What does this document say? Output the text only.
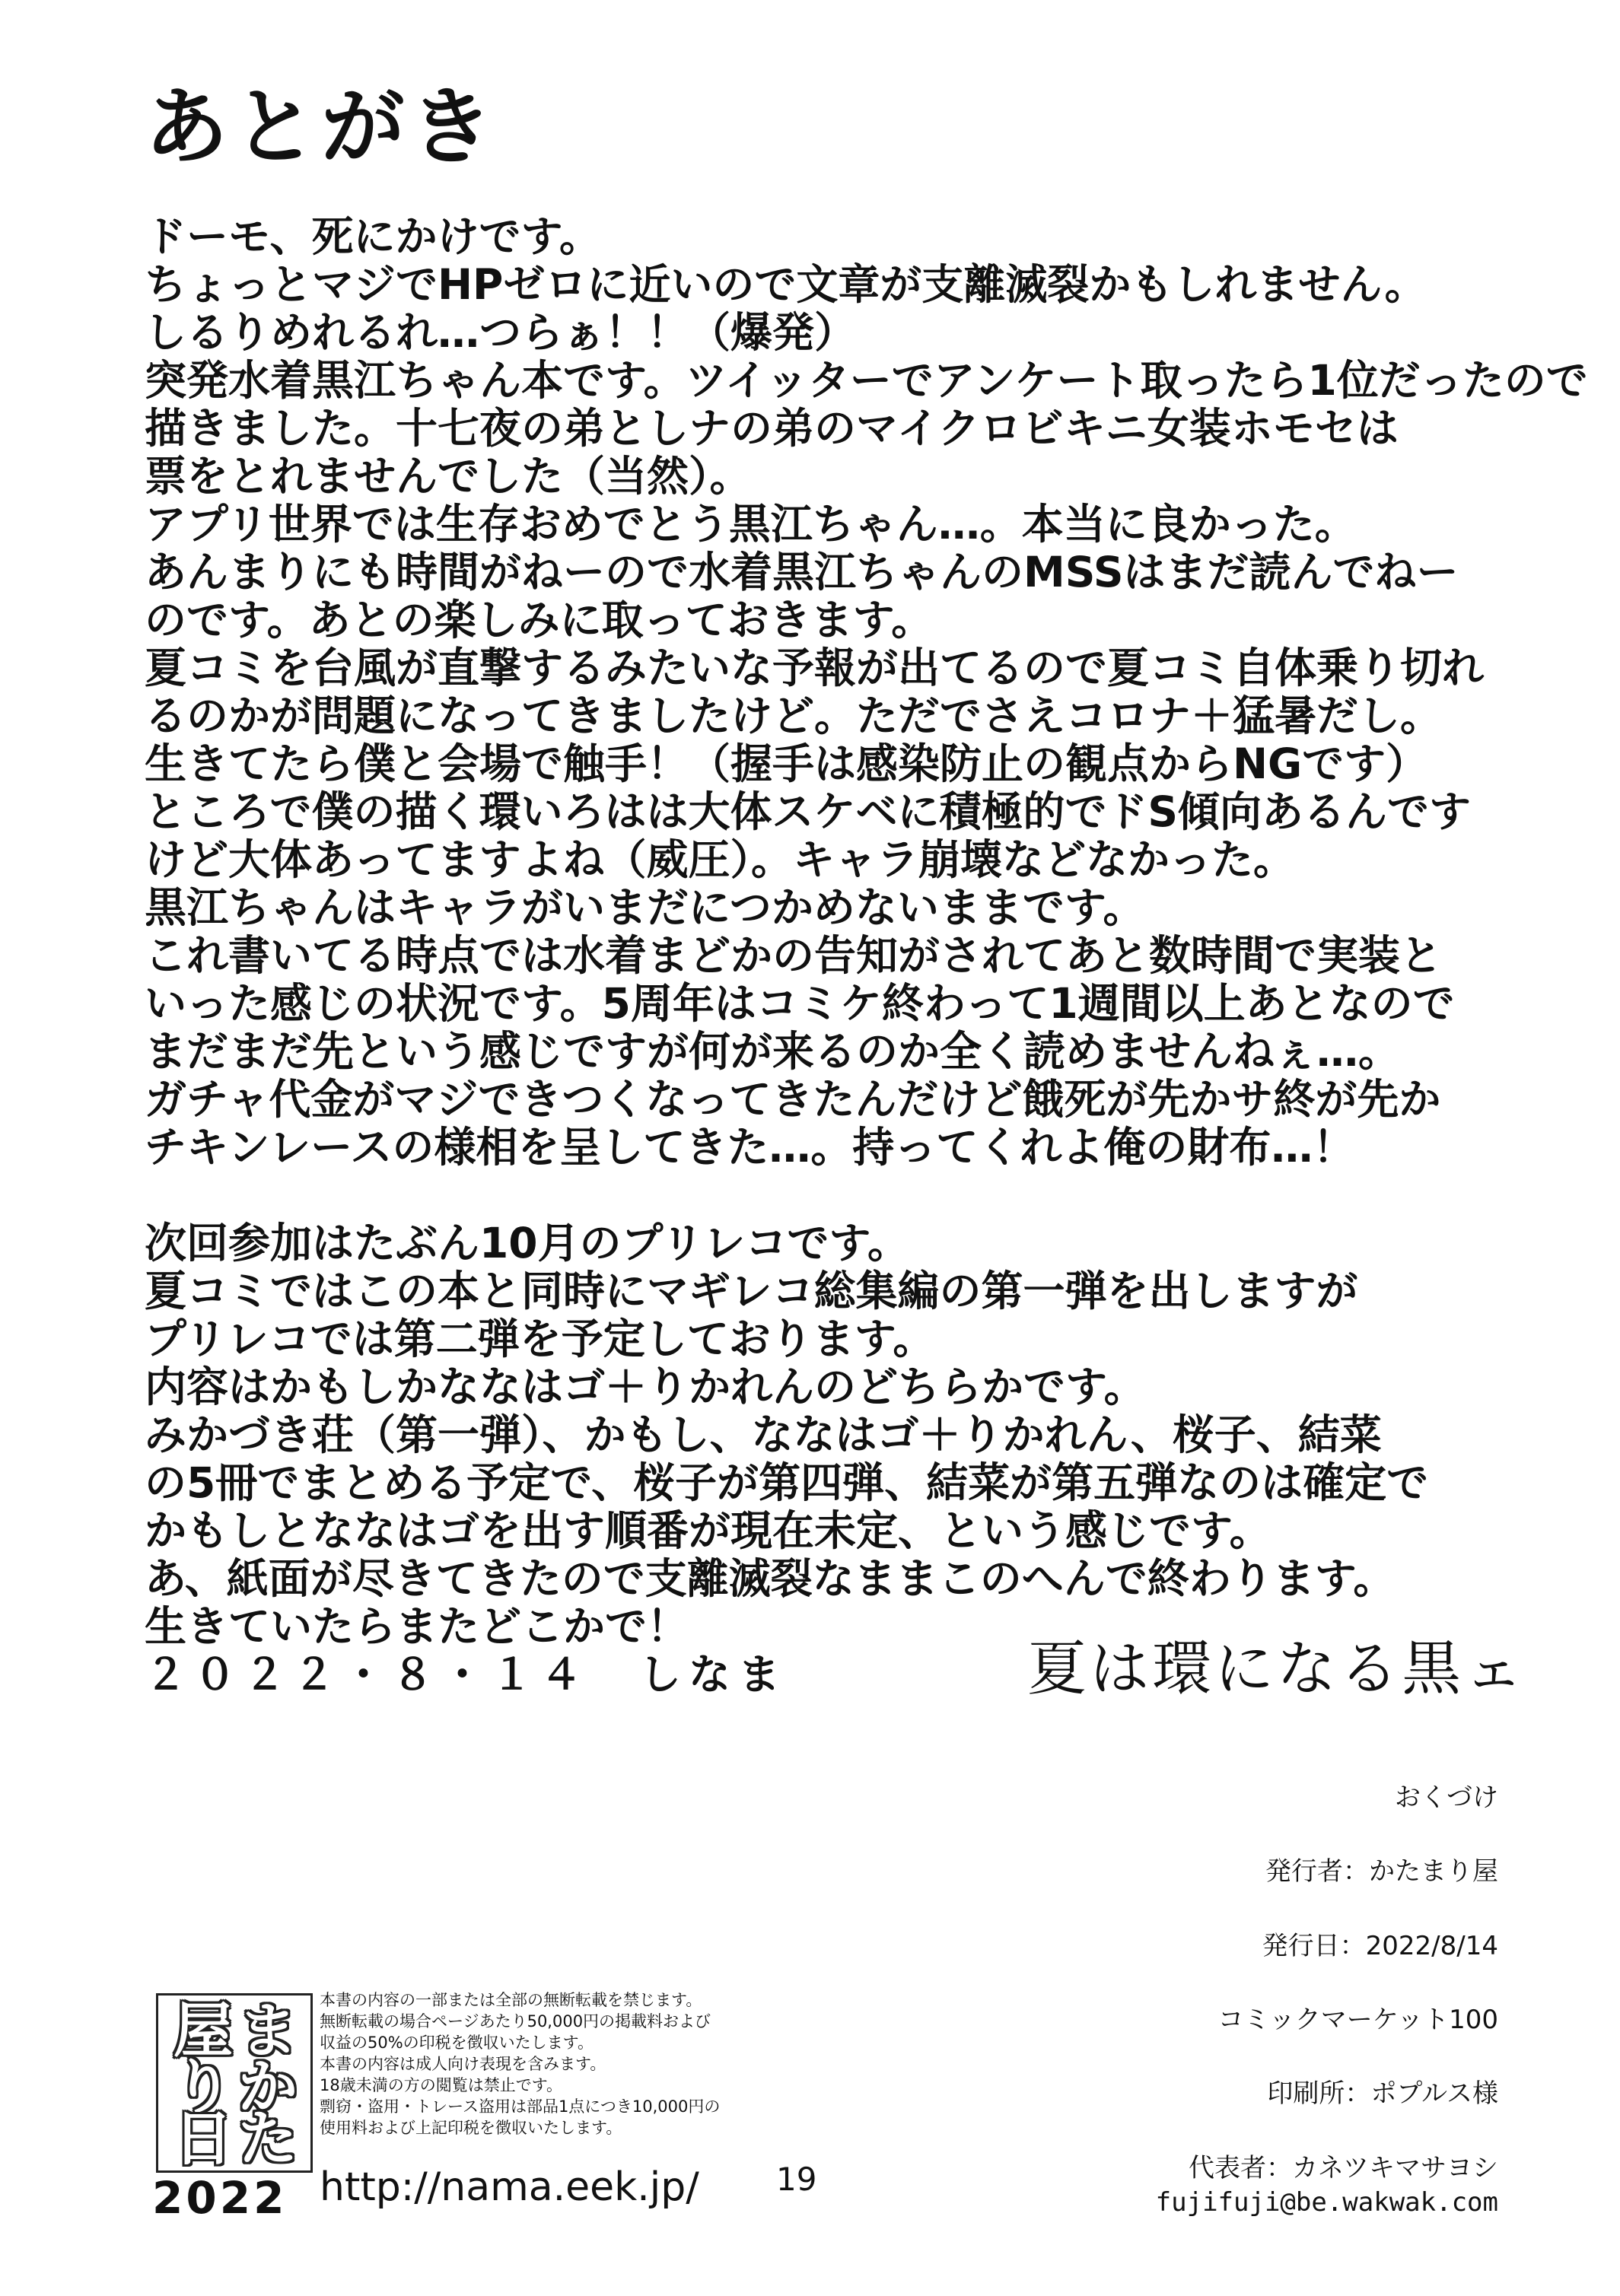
あとがき
ドーモ、死にかけです。
ちょっとマジでHPゼロに近いので文章が支離滅裂かもしれません。
しるりめれるれ…つらぁ！！（爆発）
突発水着黒江ちゃん本です。ツイッターでアンケート取ったら1位だったので
描きました。十七夜の弟としナの弟のマイクロビキニ女装ホモセは
票をとれませんでした（当然）。
アプリ世界では生存おめでとう黒江ちゃん…。本当に良かった。
あんまりにも時間がねーので水着黒江ちゃんのMSSはまだ読んでねー
のです。あとの楽しみに取っておきます。
夏コミを台風が直撃するみたいな予報が出てるので夏コミ自体乗り切れ
るのかが問題になってきましたけど。ただでさえコロナ＋猛暑だし。
生きてたら僕と会場で触手！（握手は感染防止の観点からNGです）
ところで僕の描く環いろはは大体スケベに積極的でドS傾向あるんです
けど大体あってますよね（威圧）。キャラ崩壊などなかった。
黒江ちゃんはキャラがいまだにつかめないままです。
これ書いてる時点では水着まどかの告知がされてあと数時間で実装と
いった感じの状況です。5周年はコミケ終わって1週間以上あとなので
まだまだ先という感じですが何が来るのか全く読めませんねぇ…。
ガチャ代金がマジできつくなってきたんだけど餓死が先かサ終が先か
チキンレースの様相を呈してきた…。持ってくれよ俺の財布…！
次回参加はたぶん10月のプリレコです。
夏コミではこの本と同時にマギレコ総集編の第一弾を出しますが
プリレコでは第二弾を予定しております。
内容はかもしかななはゴ＋りかれんのどちらかです。
みかづき荘（第一弾）、かもし、ななはゴ＋りかれん、桜子、結菜
の5冊でまとめる予定で、桜子が第四弾、結菜が第五弾なのは確定で
かもしとななはゴを出す順番が現在未定、という感じです。
あ、紙面が尽きてきたので支離滅裂なままこのへんで終わります。
生きていたらまたどこかで！
２０２２・８・１４　しなま	夏は環になる黒ェ
おくづけ
発行者：かたまり屋
発行日：2022/8/14
コミックマーケット100
印刷所：ポプルス様
代表者：カネツキマサヨシ
fujifuji@be.wakwak.com
ま
か
屋
り
た
日
2022
本書の内容の一部または全部の無断転載を禁じます。
無断転載の場合ページあたり50,000円の掲載料および
収益の50%の印税を徴収いたします。
本書の内容は成人向け表現を含みます。
18歳未満の方の閲覧は禁止です。
剽窃・盗用・トレース盗用は部品1点につき10,000円の
使用料および上記印税を徴収いたします。
http://nama.eek.jp/ 19
